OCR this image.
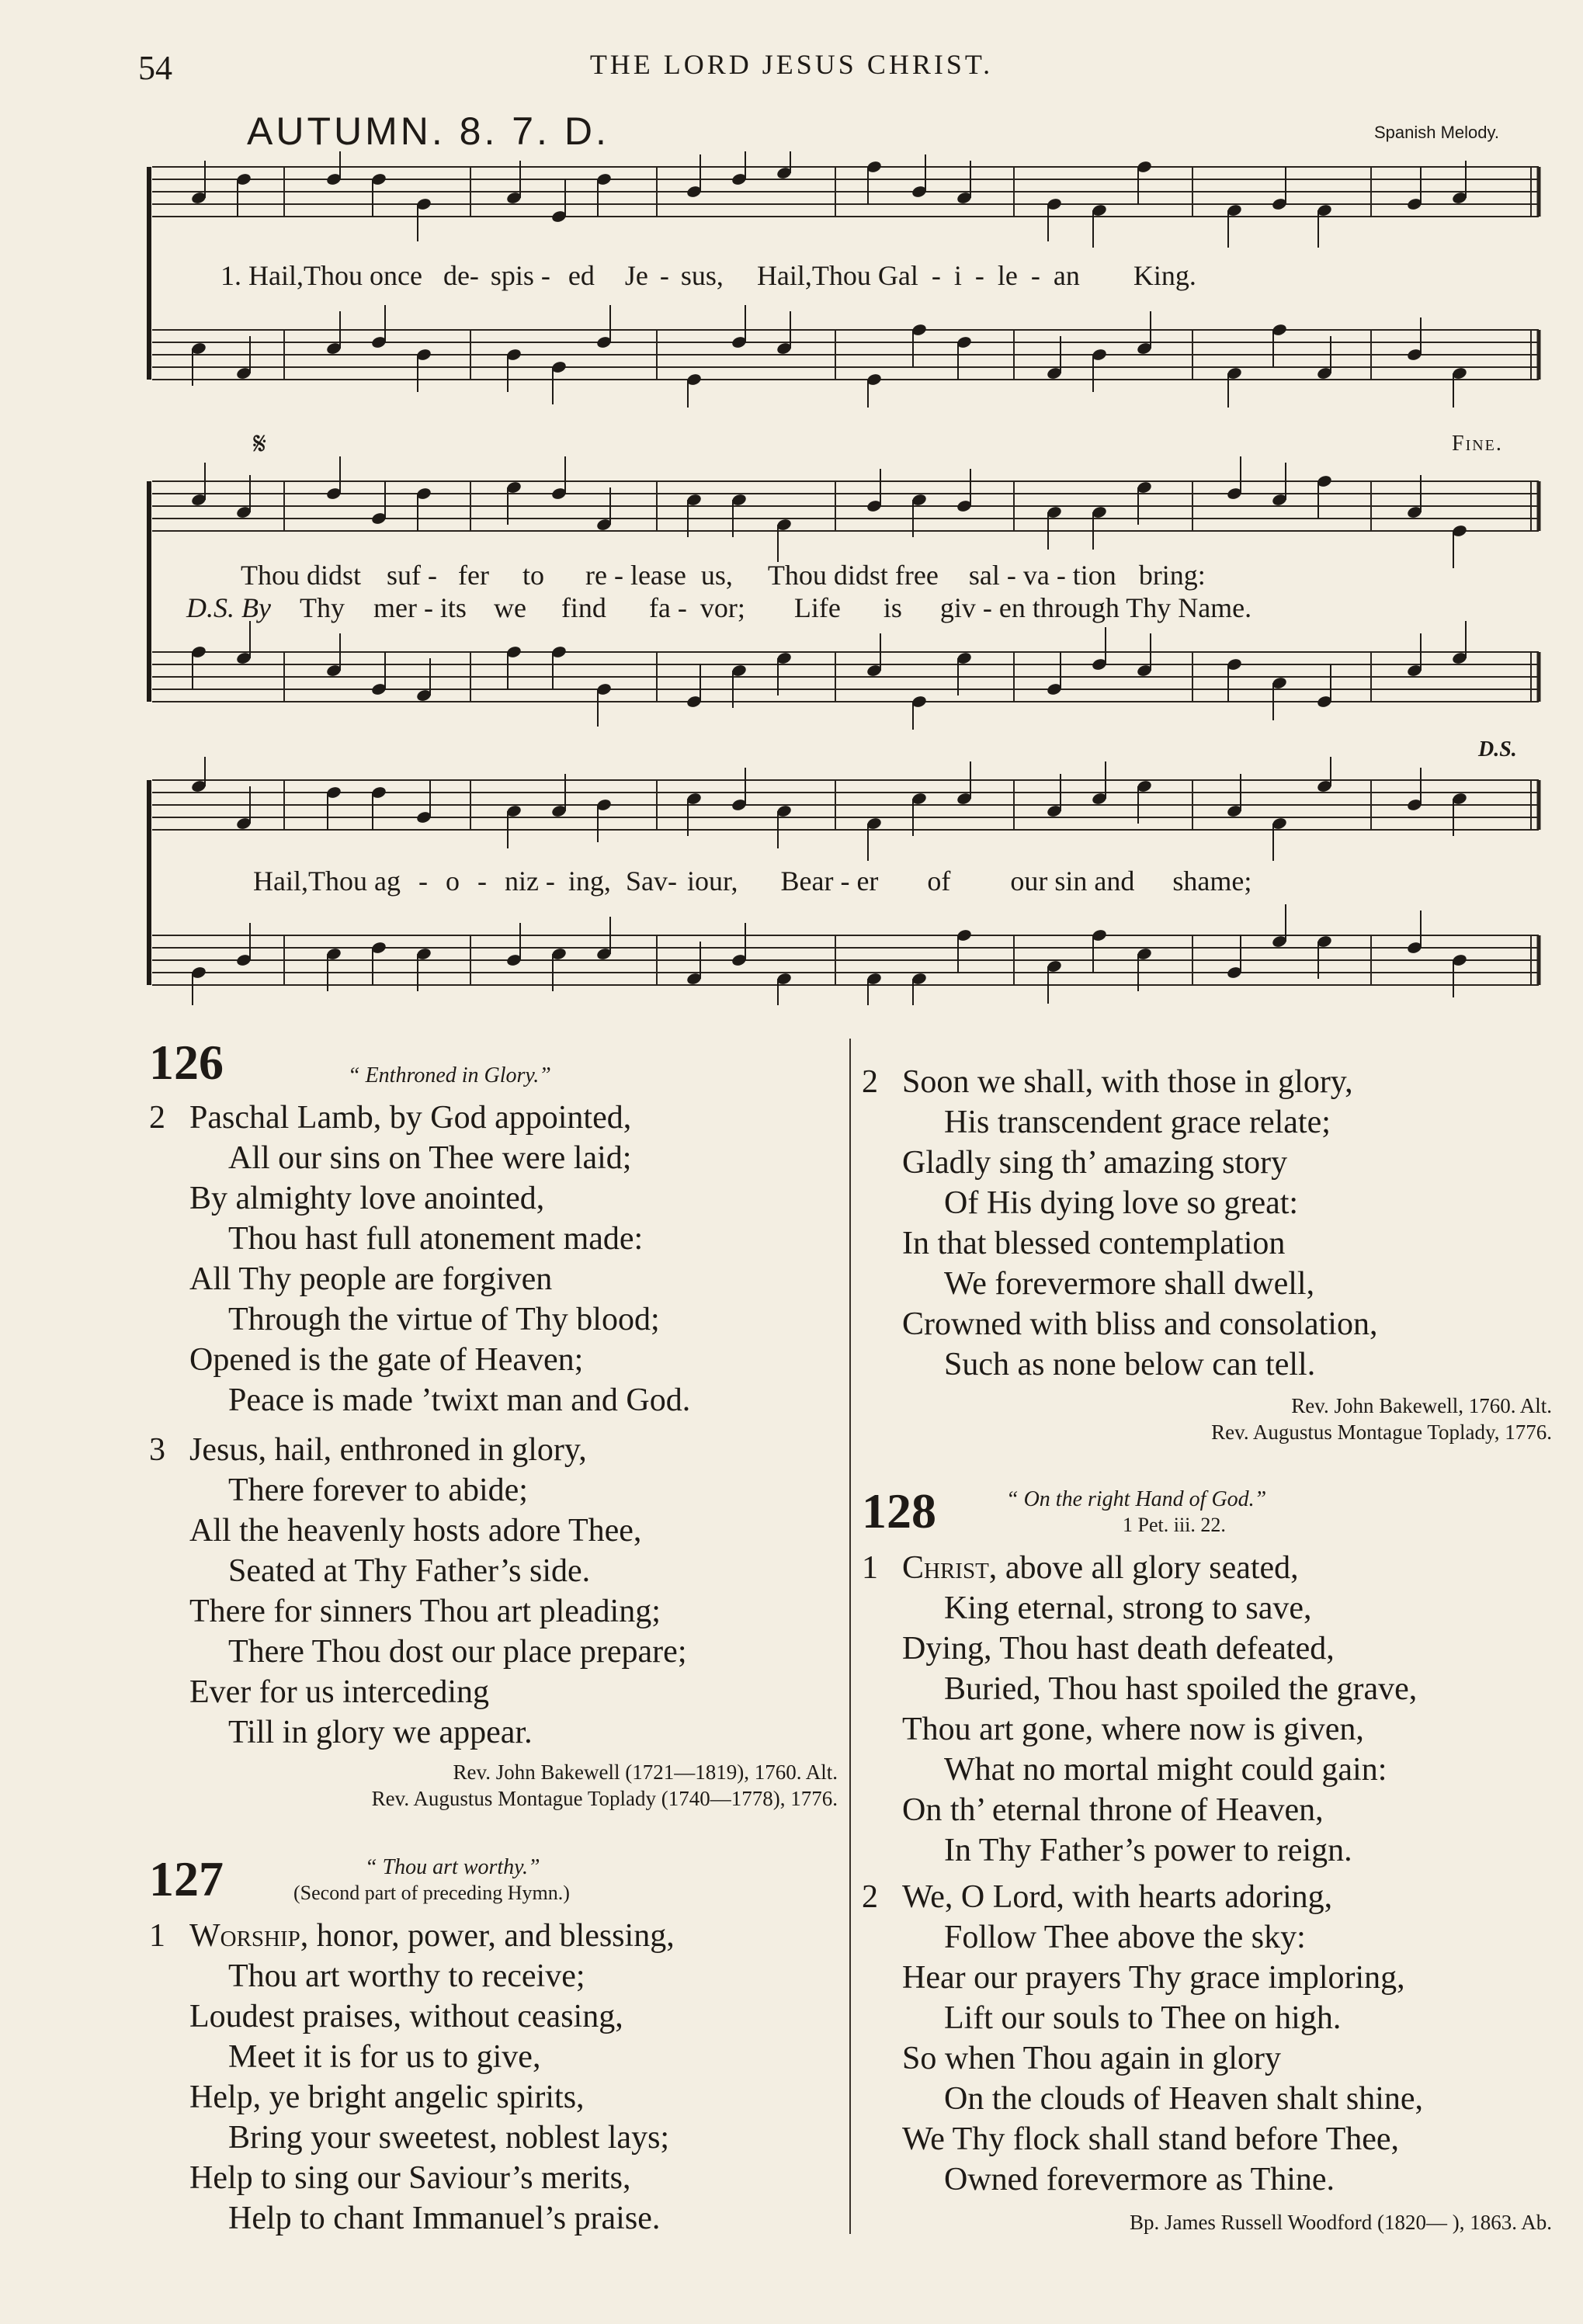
54	THE LORD JESUS CHRIST.
AUTUMN. 8. 7. D.	Spanish Melody.
𝄋	Fine.
D.S.
1. Hail,Thou once de- spis - ed Je - sus, Hail,Thou Gal - i - le - an King.
Thou didst suf - fer to re - lease us, Thou didst free sal - va - tion bring:
D.S. By Thy mer - its we find fa - vor; Life is giv - en through Thy Name.
Hail,Thou ag - o - niz - ing, Sav- iour, Bear - er of our sin and shame;
126	“ Enthroned in Glory.”
2 Paschal Lamb, by God appointed,
All our sins on Thee were laid;
By almighty love anointed,
Thou hast full atonement made:
All Thy people are forgiven
Through the virtue of Thy blood;
Opened is the gate of Heaven;
Peace is made ’twixt man and God.
3 Jesus, hail, enthroned in glory,
There forever to abide;
All the heavenly hosts adore Thee,
Seated at Thy Father’s side.
There for sinners Thou art pleading;
There Thou dost our place prepare;
Ever for us interceding
Till in glory we appear.
Rev. John Bakewell (1721—1819), 1760. Alt.
Rev. Augustus Montague Toplady (1740—1778), 1776.
127	“ Thou art worthy.”
(Second part of preceding Hymn.)
1 Worship, honor, power, and blessing,
Thou art worthy to receive;
Loudest praises, without ceasing,
Meet it is for us to give,
Help, ye bright angelic spirits,
Bring your sweetest, noblest lays;
Help to sing our Saviour’s merits,
Help to chant Immanuel’s praise.
2 Soon we shall, with those in glory,
His transcendent grace relate;
Gladly sing th’ amazing story
Of His dying love so great:
In that blessed contemplation
We forevermore shall dwell,
Crowned with bliss and consolation,
Such as none below can tell.
Rev. John Bakewell, 1760. Alt.
Rev. Augustus Montague Toplady, 1776.
128	“ On the right Hand of God.”
1 Pet. iii. 22.
1 Christ, above all glory seated,
King eternal, strong to save,
Dying, Thou hast death defeated,
Buried, Thou hast spoiled the grave,
Thou art gone, where now is given,
What no mortal might could gain:
On th’ eternal throne of Heaven,
In Thy Father’s power to reign.
2 We, O Lord, with hearts adoring,
Follow Thee above the sky:
Hear our prayers Thy grace imploring,
Lift our souls to Thee on high.
So when Thou again in glory
On the clouds of Heaven shalt shine,
We Thy flock shall stand before Thee,
Owned forevermore as Thine.
Bp. James Russell Woodford (1820— ), 1863. Ab.
